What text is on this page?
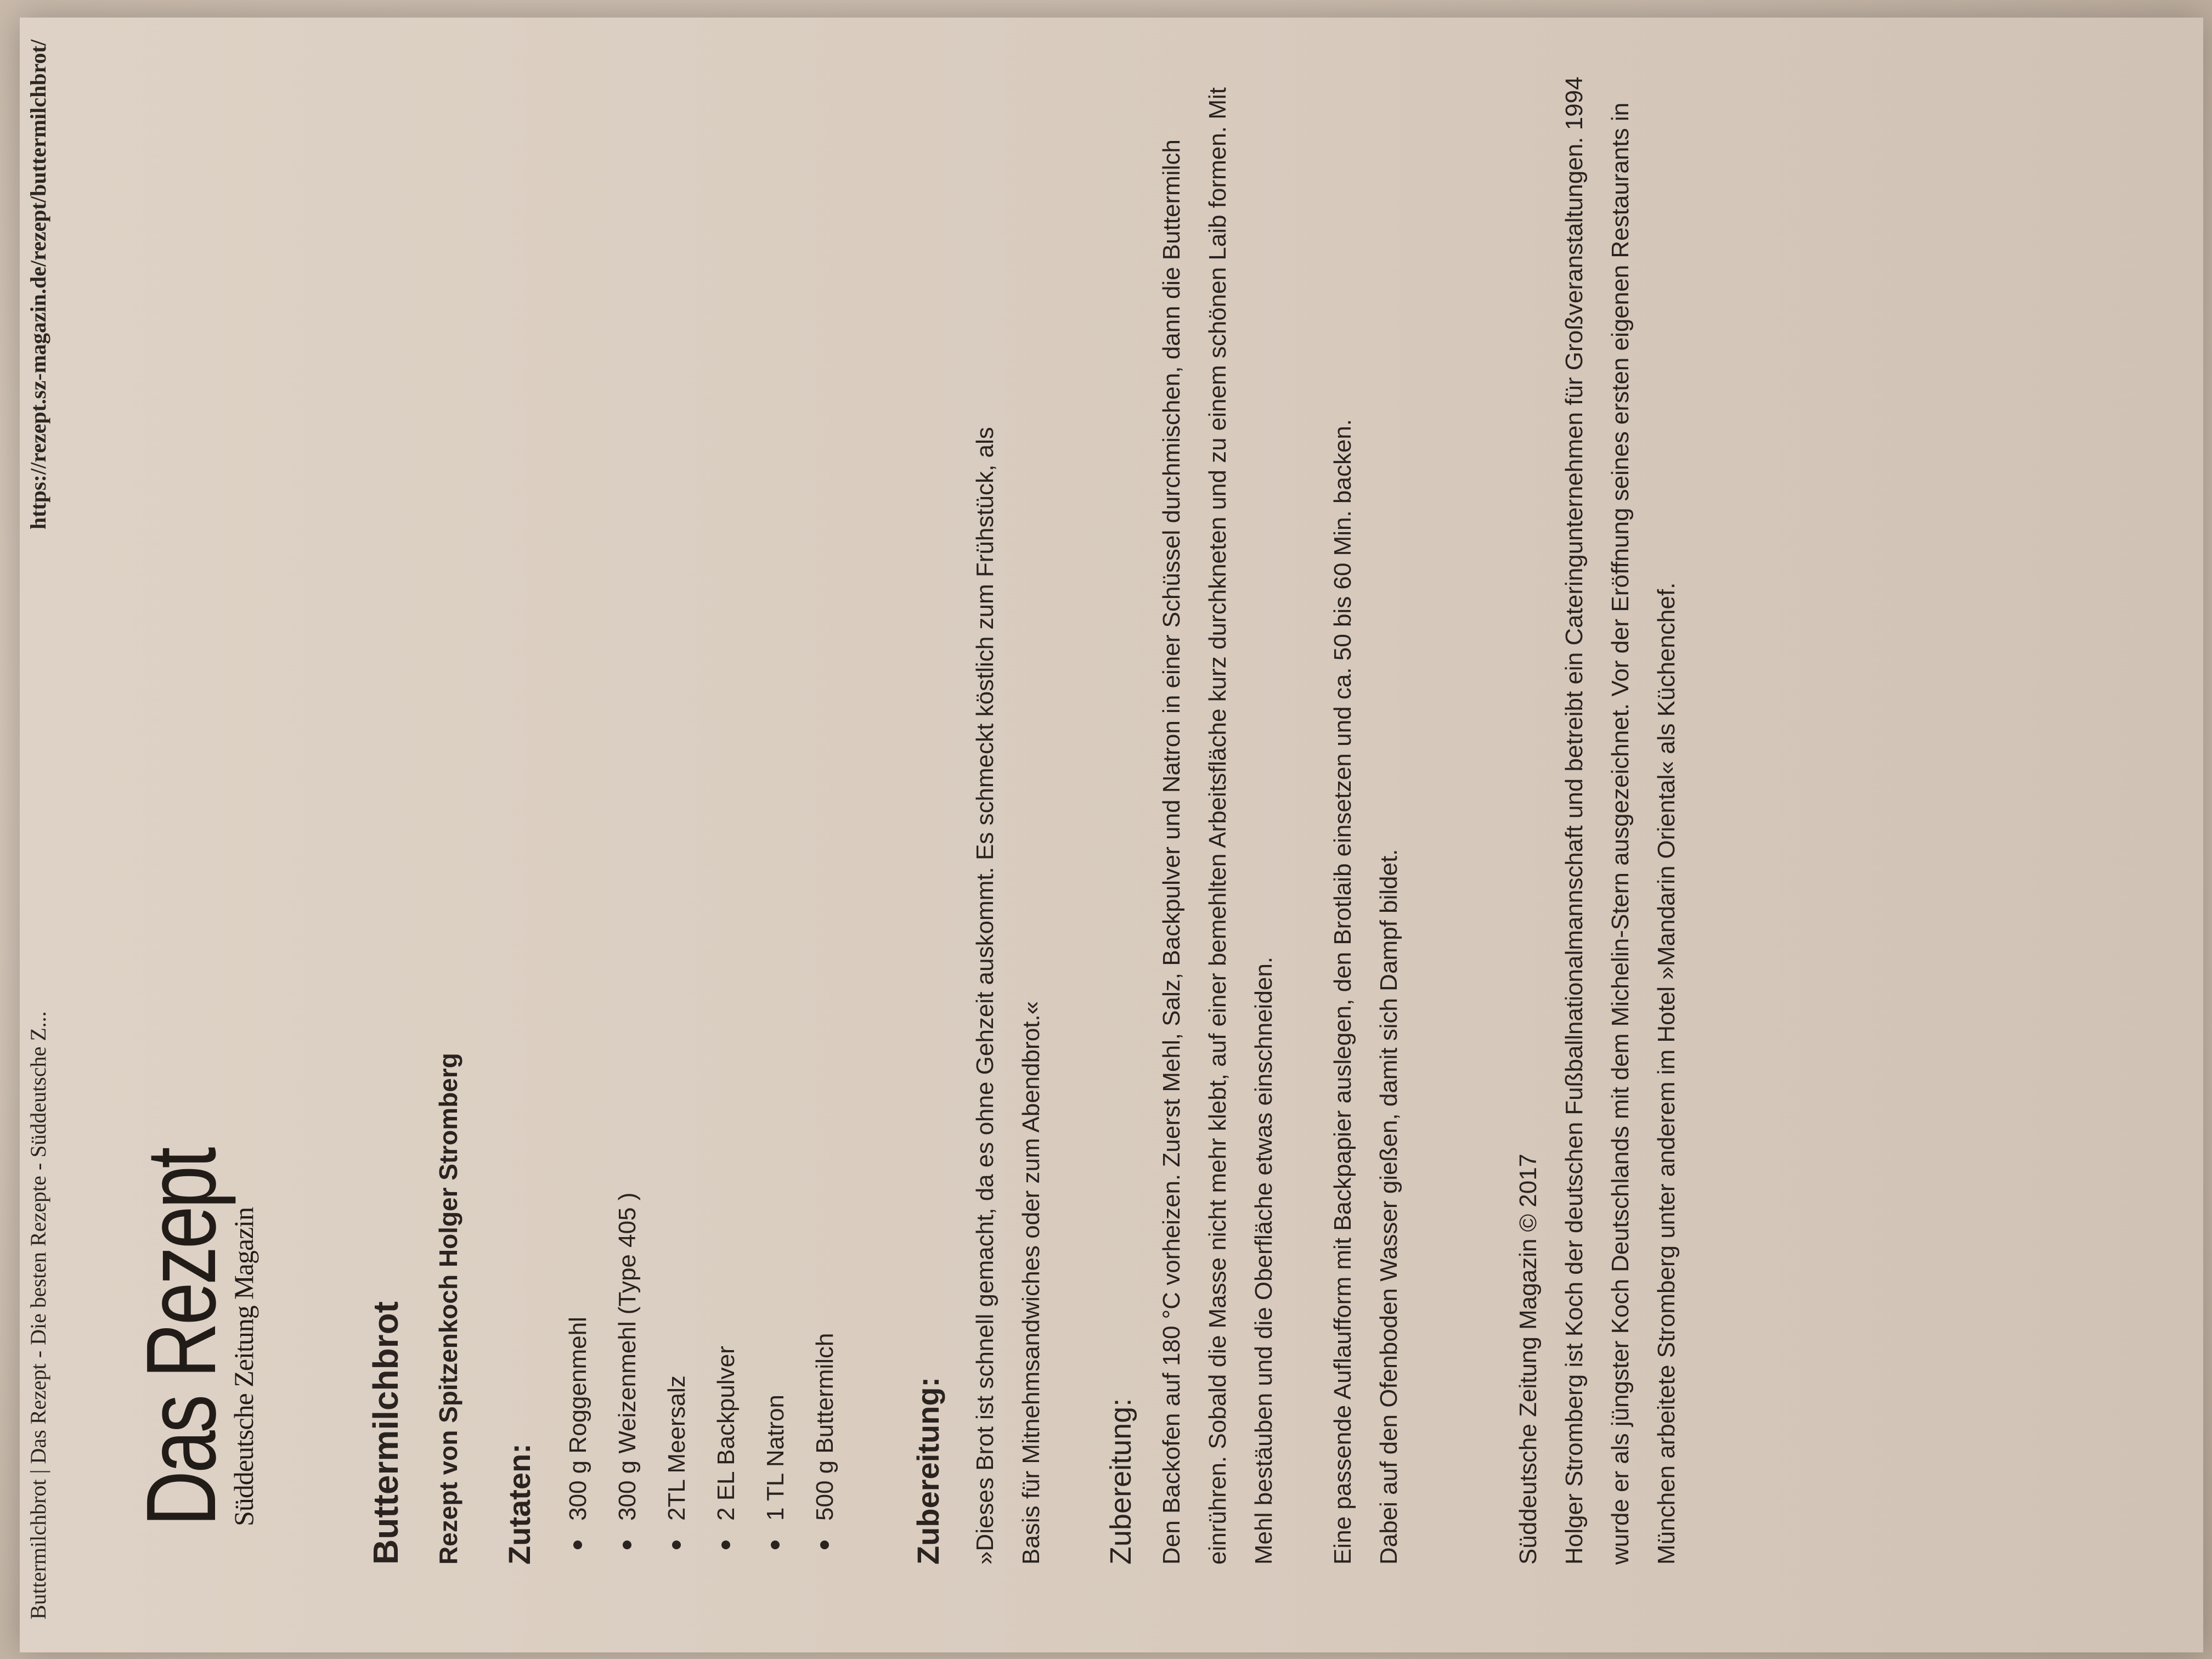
Buttermilchbrot | Das Rezept - Die besten Rezepte - Süddeutsche Z...
https://rezept.sz-magazin.de/rezept/buttermilchbrot/
Das Rezept
Süddeutsche Zeitung Magazin	Buttermilchbrot Rezept von Spitzenkoch Holger Stromberg Zutaten:	300 g Roggenmehl 300 g Weizenmehl (Type 405 ) 2TL Meersalz 2 EL Backpulver 1 TL Natron 500 g Buttermilch	Zubereitung:	»Dieses Brot ist schnell gemacht, da es ohne Gehzeit auskommt. Es schmeckt köstlich zum Frühstück, als Basis für Mitnehmsandwiches oder zum Abendbrot.«	Zubereitung: Den Backofen auf 180 °C vorheizen. Zuerst Mehl, Salz, Backpulver und Natron in einer Schüssel durchmischen, dann die Buttermilch einrühren. Sobald die Masse nicht mehr klebt, auf einer bemehlten Arbeitsfläche kurz durchkneten und zu einem schönen Laib formen. Mit Mehl bestäuben und die Oberfläche etwas einschneiden.	Eine passende Auflaufform mit Backpapier auslegen, den Brotlaib einsetzen und ca. 50 bis 60 Min. backen. Dabei auf den Ofenboden Wasser gießen, damit sich Dampf bildet.	Süddeutsche Zeitung Magazin © 2017 Holger Stromberg ist Koch der deutschen Fußballnationalmannschaft und betreibt ein Cateringunternehmen für Großveranstaltungen. 1994 wurde er als jüngster Koch Deutschlands mit dem Michelin-Stern ausgezeichnet. Vor der Eröffnung seines ersten eigenen Restaurants in München arbeitete Stromberg unter anderem im Hotel »Mandarin Oriental« als Küchenchef.
